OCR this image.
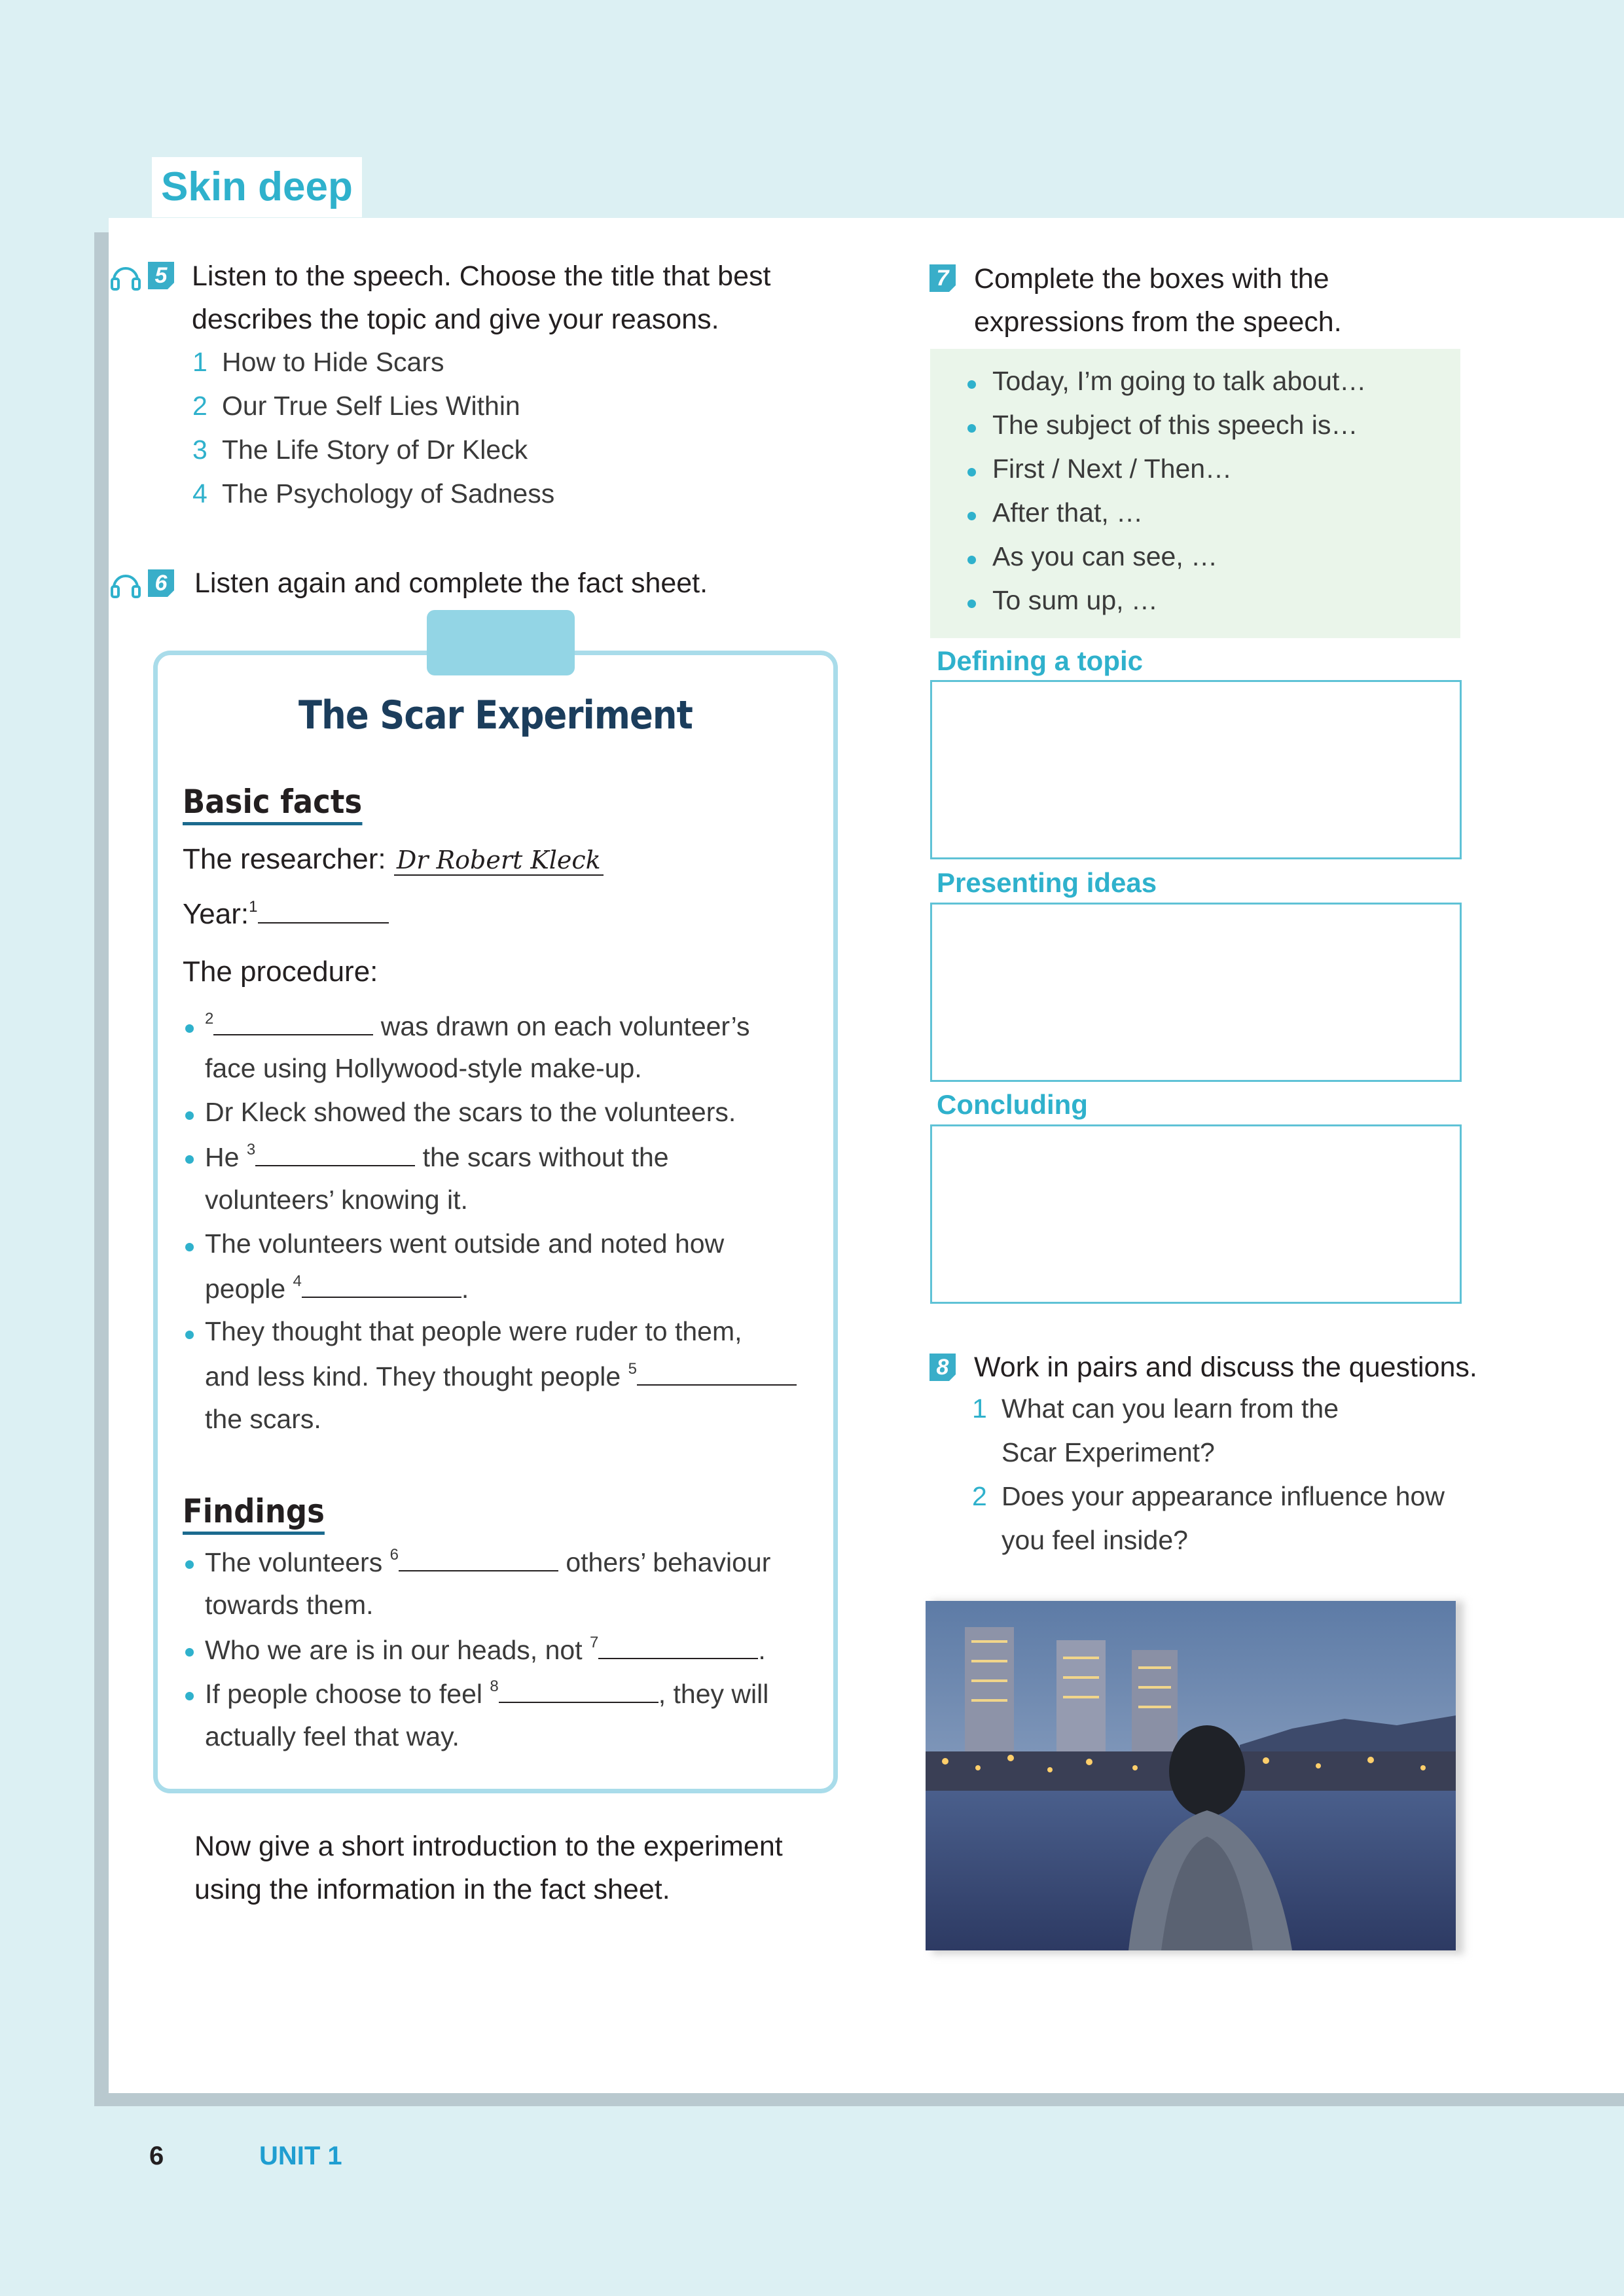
Skin deep
5 Listen to the speech. Choose the title that best
describes the topic and give your reasons.
1 How to Hide Scars
2 Our True Self Lies Within
3 The Life Story of Dr Kleck
4 The Psychology of Sadness
6 Listen again and complete the fact sheet.
The Scar Experiment
Basic facts
The researcher: Dr Robert Kleck
Year:$^1$
The procedure:
$^2$	was drawn on each volunteer’s
face using Hollywood-style make-up.
Dr Kleck showed the scars to the volunteers.
He $^3$	the scars without the
volunteers’ knowing it.
The volunteers went outside and noted how
people $^4$	.
They thought that people were ruder to them,
and less kind. They thought people $^5$
the scars.
Findings
The volunteers $^6$	others’ behaviour
towards them.
Who we are is in our heads, not $^7$	.
If people choose to feel $^8$	, they will
actually feel that way.
Now give a short introduction to the experiment
using the information in the fact sheet.
7 Complete the boxes with the
expressions from the speech.
Today, I’m going to talk about…
The subject of this speech is…
First / Next / Then…
After that, …
As you can see, …
To sum up, …
Defining a topic
Presenting ideas
Concluding
8 Work in pairs and discuss the questions.
1 What can you learn from the
Scar Experiment?
2 Does your appearance influence how
you feel inside?
6	UNIT 1
